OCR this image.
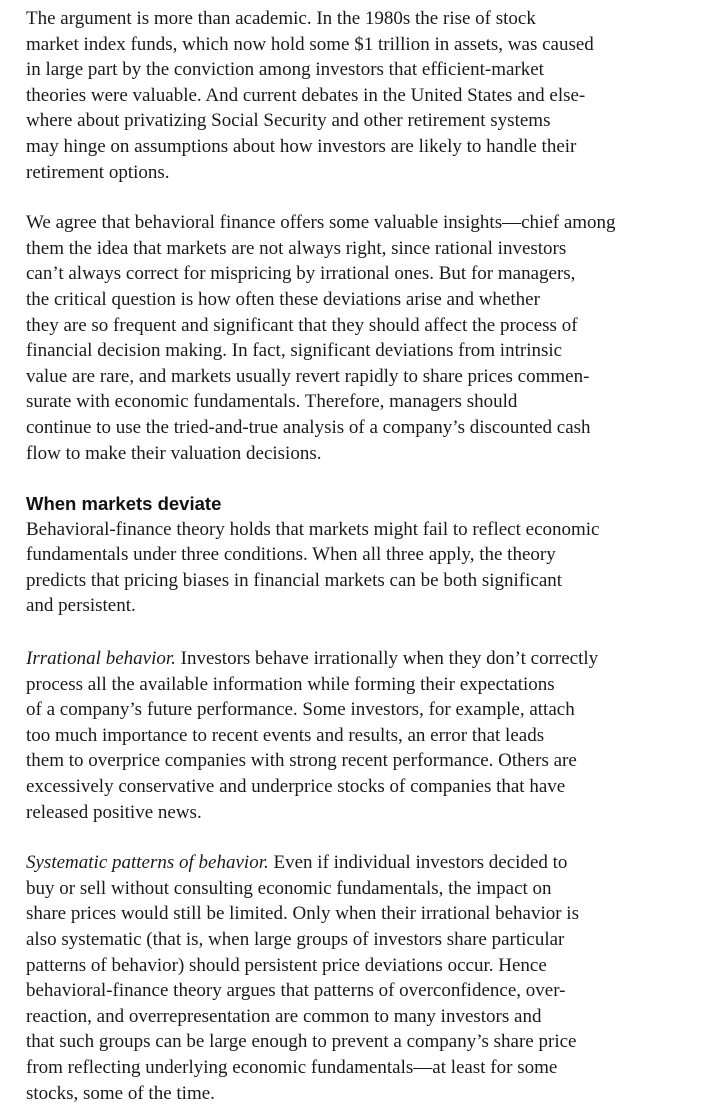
The argument is more than academic. In the 1980s the rise of stock
market index funds, which now hold some $1 trillion in assets, was caused
in large part by the conviction among investors that efficient-market
theories were valuable. And current debates in the United States and else-
where about privatizing Social Security and other retirement systems
may hinge on assumptions about how investors are likely to handle their
retirement options.

We agree that behavioral finance offers some valuable insights—chief among
them the idea that markets are not always right, since rational investors
can’t always correct for mispricing by irrational ones. But for managers,
the critical question is how often these deviations arise and whether
they are so frequent and significant that they should affect the process of
financial decision making. In fact, significant deviations from intrinsic
value are rare, and markets usually revert rapidly to share prices commen-
surate with economic fundamentals. Therefore, managers should
continue to use the tried-and-true analysis of a company’s discounted cash
flow to make their valuation decisions.

When markets deviate

Behavioral-finance theory holds that markets might fail to reflect economic
fundamentals under three conditions. When all three apply, the theory
predicts that pricing biases in financial markets can be both significant
and persistent.

Irrational behavior. Investors behave irrationally when they don’t correctly
process all the available information while forming their expectations
of a company’s future performance. Some investors, for example, attach
too much importance to recent events and results, an error that leads
them to overprice companies with strong recent performance. Others are
excessively conservative and underprice stocks of companies that have
released positive news.

Systematic patterns of behavior. Even if individual investors decided to
buy or sell without consulting economic fundamentals, the impact on
share prices would still be limited. Only when their irrational behavior is
also systematic (that is, when large groups of investors share particular
patterns of behavior) should persistent price deviations occur. Hence
behavioral-finance theory argues that patterns of overconfidence, over-
reaction, and overrepresentation are common to many investors and
that such groups can be large enough to prevent a company’s share price
from reflecting underlying economic fundamentals—at least for some
stocks, some of the time.
